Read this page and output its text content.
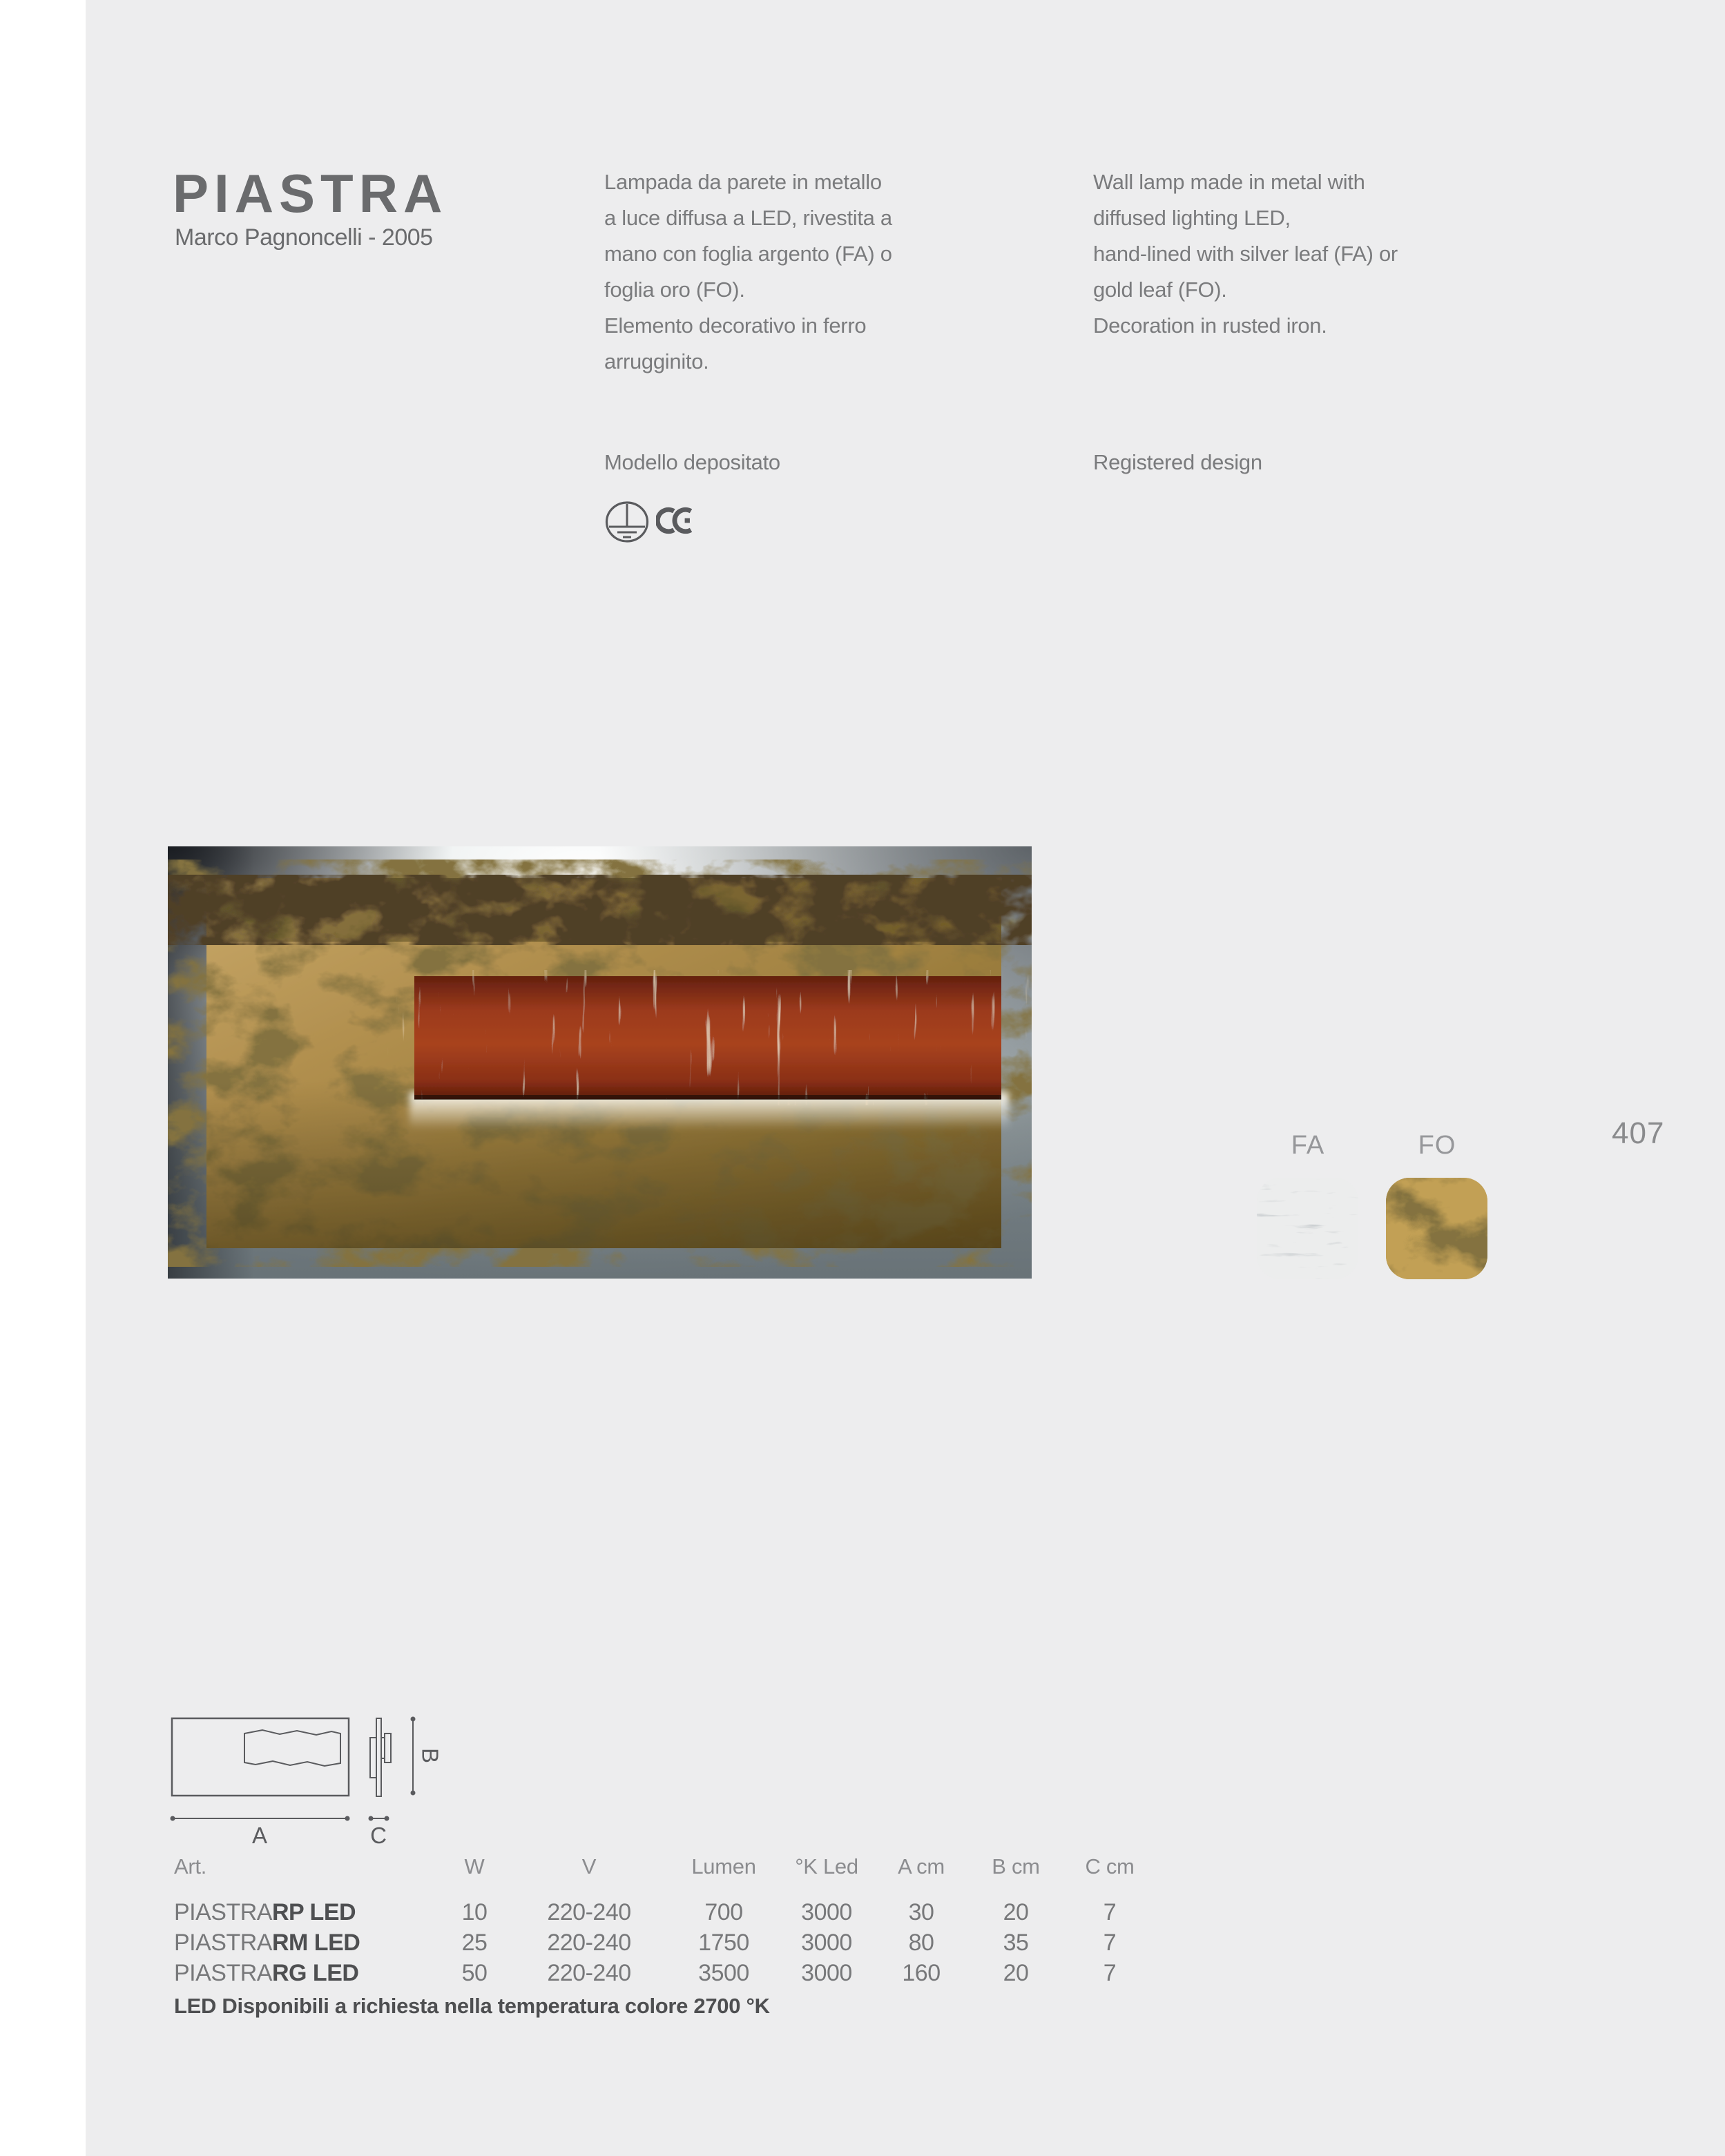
PIASTRA
Marco Pagnoncelli - 2005
Lampada da parete in metallo
a luce diffusa a LED, rivestita a
mano con foglia argento (FA) o
foglia oro (FO).
Elemento decorativo in ferro
arrugginito.
Wall lamp made in metal with
diffused lighting LED,
hand-lined with silver leaf (FA) or
gold leaf (FO).
Decoration in rusted iron.
Modello depositato	Registered design
FA	FO	407
A	C
B
Art.	W	V	Lumen	°K Led	A cm	B cm	C cm
PIASTRARP LED	10	220-240	700	3000	30	20	7
PIASTRARM LED	25	220-240	1750	3000	80	35	7
PIASTRARG LED	50	220-240	3500	3000	160	20	7
LED Disponibili a richiesta nella temperatura colore 2700 °K
